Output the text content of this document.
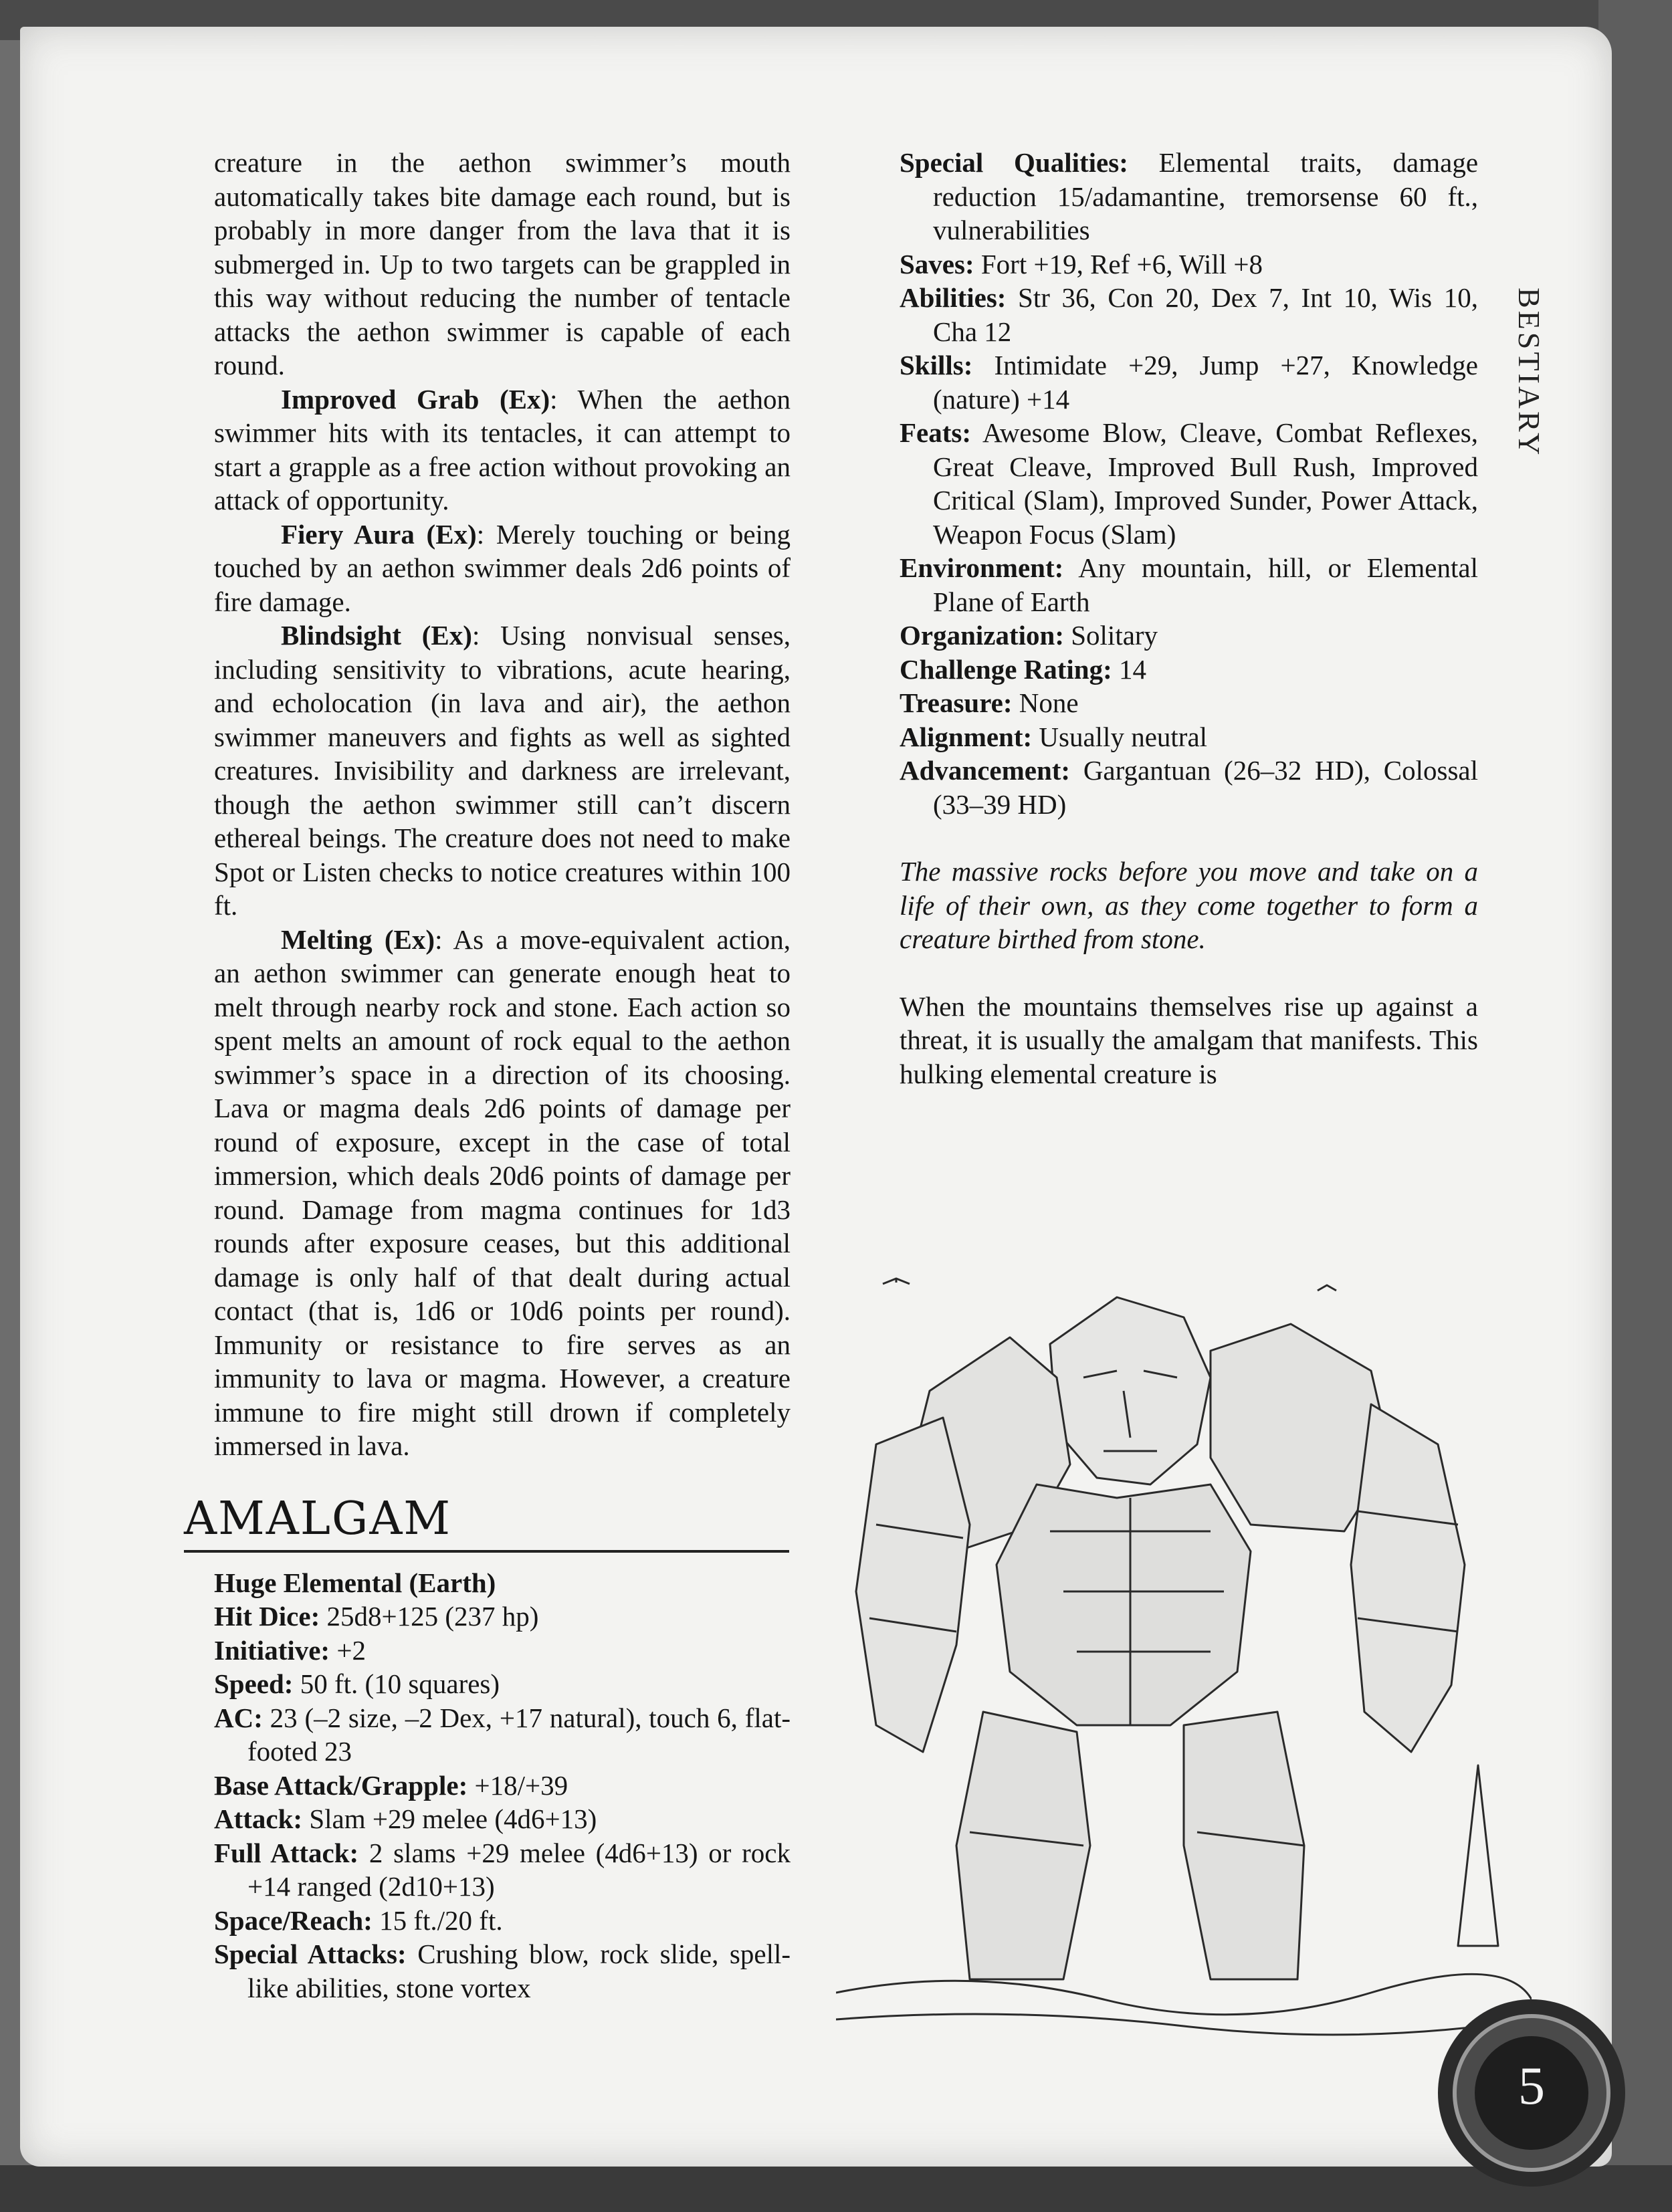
creature in the aethon swimmer’s mouth automatically takes bite damage each round, but is probably in more danger from the lava that it is submerged in. Up to two targets can be grappled in this way without reducing the number of tentacle attacks the aethon swimmer is capable of each round.

Improved Grab (Ex): When the aethon swimmer hits with its tentacles, it can attempt to start a grapple as a free action without provoking an attack of opportunity.

Fiery Aura (Ex): Merely touching or being touched by an aethon swimmer deals 2d6 points of fire damage.

Blindsight (Ex): Using nonvisual senses, including sensitivity to vibrations, acute hearing, and echolocation (in lava and air), the aethon swimmer maneuvers and fights as well as sighted creatures. Invisibility and darkness are irrelevant, though the aethon swimmer still can’t discern ethereal beings. The creature does not need to make Spot or Listen checks to notice creatures within 100 ft.

Melting (Ex): As a move-equivalent action, an aethon swimmer can generate enough heat to melt through nearby rock and stone. Each action so spent melts an amount of rock equal to the aethon swimmer’s space in a direction of its choosing. Lava or magma deals 2d6 points of damage per round of exposure, except in the case of total immersion, which deals 20d6 points of damage per round. Damage from magma continues for 1d3 rounds after exposure ceases, but this additional damage is only half of that dealt during actual contact (that is, 1d6 or 10d6 points per round). Immunity or resistance to fire serves as an immunity to lava or magma. However, a creature immune to fire might still drown if completely immersed in lava.

AMALGAM

Huge Elemental (Earth)

Hit Dice: 25d8+125 (237 hp)

Initiative: +2

Speed: 50 ft. (10 squares)

AC: 23 (–2 size, –2 Dex, +17 natural), touch 6, flat-footed 23

Base Attack/Grapple: +18/+39

Attack: Slam +29 melee (4d6+13)

Full Attack: 2 slams +29 melee (4d6+13) or rock +14 ranged (2d10+13)

Space/Reach: 15 ft./20 ft.

Special Attacks: Crushing blow, rock slide, spell-like abilities, stone vortex

Special Qualities: Elemental traits, damage reduction 15/adamantine, tremorsense 60 ft., vulnerabilities

Saves: Fort +19, Ref +6, Will +8

Abilities: Str 36, Con 20, Dex 7, Int 10, Wis 10, Cha 12

Skills: Intimidate +29, Jump +27, Knowledge (nature) +14

Feats: Awesome Blow, Cleave, Combat Reflexes, Great Cleave, Improved Bull Rush, Improved Critical (Slam), Improved Sunder, Power Attack, Weapon Focus (Slam)

Environment: Any mountain, hill, or Elemental Plane of Earth

Organization: Solitary

Challenge Rating: 14

Treasure: None

Alignment: Usually neutral

Advancement: Gargantuan (26–32 HD), Colossal (33–39 HD)

The massive rocks before you move and take on a life of their own, as they come together to form a creature birthed from stone.

When the mountains themselves rise up against a threat, it is usually the amalgam that manifests. This hulking elemental creature is

BESTIARY
5
